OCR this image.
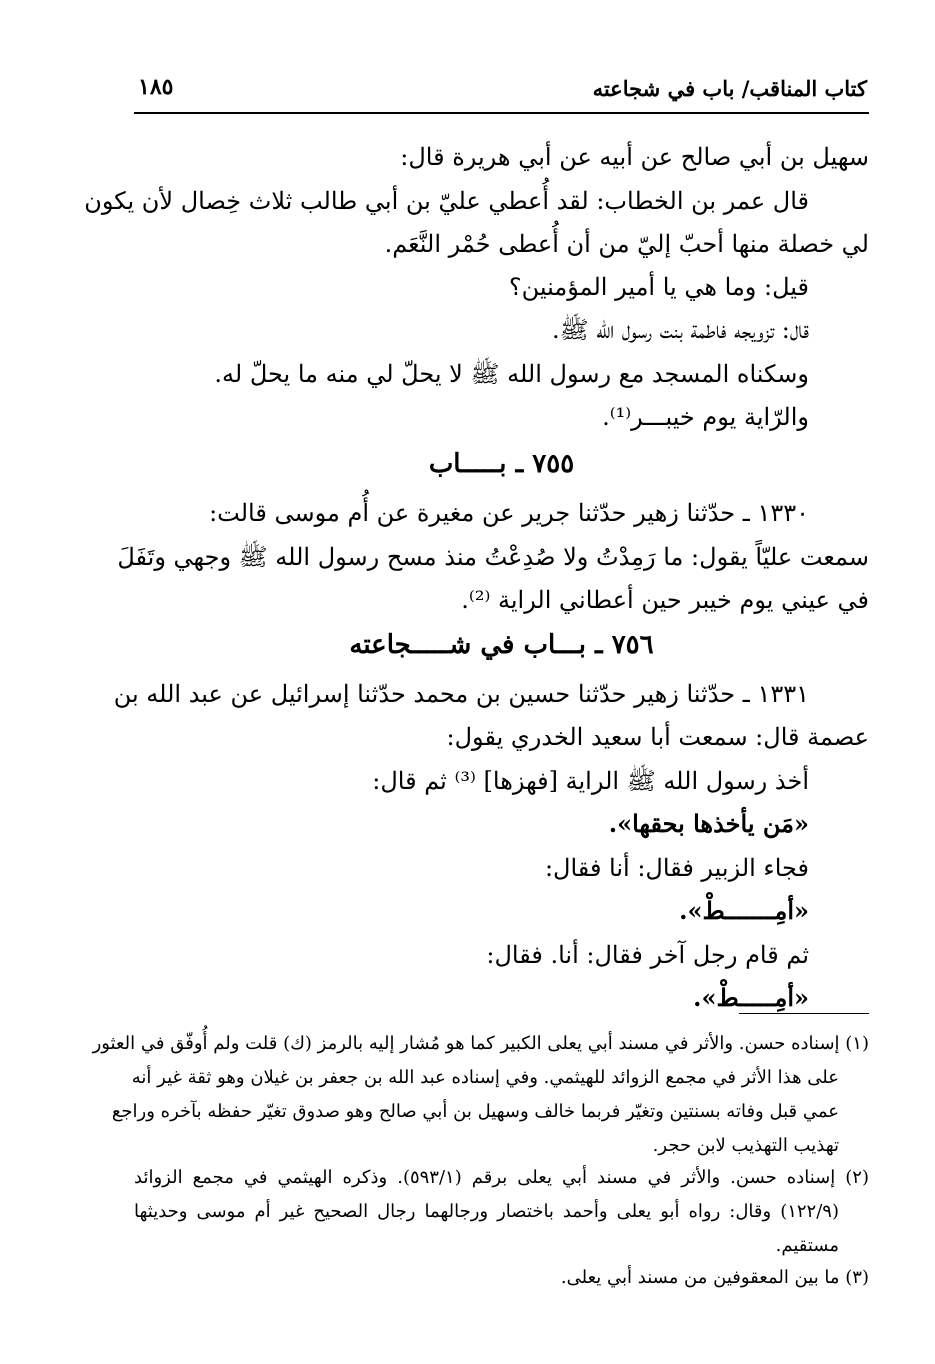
كتاب المناقب/ باب في شجاعته
١٨٥
سهيل بن أبي صالح عن أبيه عن أبي هريرة قال:
قال عمر بن الخطاب: لقد أُعطي عليّ بن أبي طالب ثلاث خِصال لأن يكون
لي خصلة منها أحبّ إليّ من أن أُعطى حُمْر النَّعَم.
قيل: وما هي يا أمير المؤمنين؟
قال: تزويجه فاطمة بنت رسول الله ﷺ.
وسكناه المسجد مع رسول الله ﷺ لا يحلّ لي منه ما يحلّ له.
والرّاية يوم خيبـــر⁽¹⁾.
٧٥٥ ـ بـــــاب
١٣٣٠ ـ حدّثنا زهير حدّثنا جرير عن مغيرة عن أُم موسى قالت:
سمعت عليّاً يقول: ما رَمِدْتُ ولا صُدِعْتُ منذ مسح رسول الله ﷺ وجهي وتَفَلَ
في عيني يوم خيبر حين أعطاني الراية ⁽²⁾.
٧٥٦ ـ بـــاب في شـــــجاعته
١٣٣١ ـ حدّثنا زهير حدّثنا حسين بن محمد حدّثنا إسرائيل عن عبد الله بن
عصمة قال: سمعت أبا سعيد الخدري يقول:
أخذ رسول الله ﷺ الراية [فهزها] ⁽³⁾ ثم قال:
«مَن يأخذها بحقها».
فجاء الزبير فقال: أنا فقال:
«أمِـــــــطْ».
ثم قام رجل آخر فقال: أنا. فقال:
«أمِـــــطْ».
(١) إسناده حسن. والأثر في مسند أبي يعلى الكبير كما هو مُشار إليه بالرمز (ك) قلت ولم أُوفّق في العثور
على هذا الأثر في مجمع الزوائد للهيثمي. وفي إسناده عبد الله بن جعفر بن غيلان وهو ثقة غير أنه
عمي قبل وفاته بسنتين وتغيّر فربما خالف وسهيل بن أبي صالح وهو صدوق تغيّر حفظه بآخره وراجع
تهذيب التهذيب لابن حجر.
(٢) إسناده حسن. والأثر في مسند أبي يعلى برقم (٥٩٣/١). وذكره الهيثمي في مجمع الزوائد
(١٢٢/٩) وقال: رواه أبو يعلى وأحمد باختصار ورجالهما رجال الصحيح غير أم موسى وحديثها
مستقيم.
(٣) ما بين المعقوفين من مسند أبي يعلى.
